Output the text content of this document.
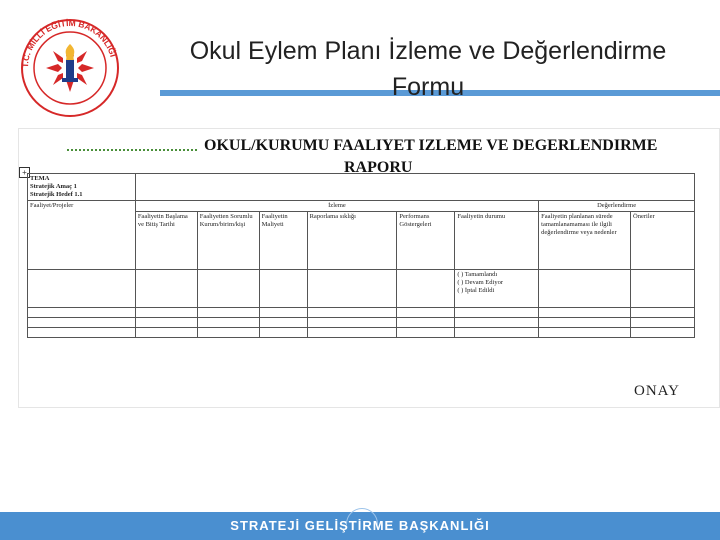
T.C. MİLLİ EĞİTİM BAKANLIĞI	Okul Eylem Planı İzleme ve Değerlendirme Formu
OKUL/KURUMU FAALIYET IZLEME VE DEGERLENDIRME
RAPORU
+
TEMA
Stratejik Amaç 1
Stratejik Hedef 1.1								

Faaliyet/Projeler	İzleme						Değerlendirme	
	Faaliyetin Başlama ve Bitiş Tarihi	Faaliyetten Sorumlu Kurum/birim/kişi	Faaliyetin Maliyeti	Raporlama sıklığı	Performans Göstergeleri	Faaliyetin durumu	Faaliyetin planlanan sürede tamamlanamaması ile ilgili değerlendirme veya nedenler	Öneriler

						( ) Tamamlandı
( ) Devam Ediyor
( ) İptal Edildi		

ONAY
STRATEJİ GELİŞTİRME BAŞKANLIĞI
